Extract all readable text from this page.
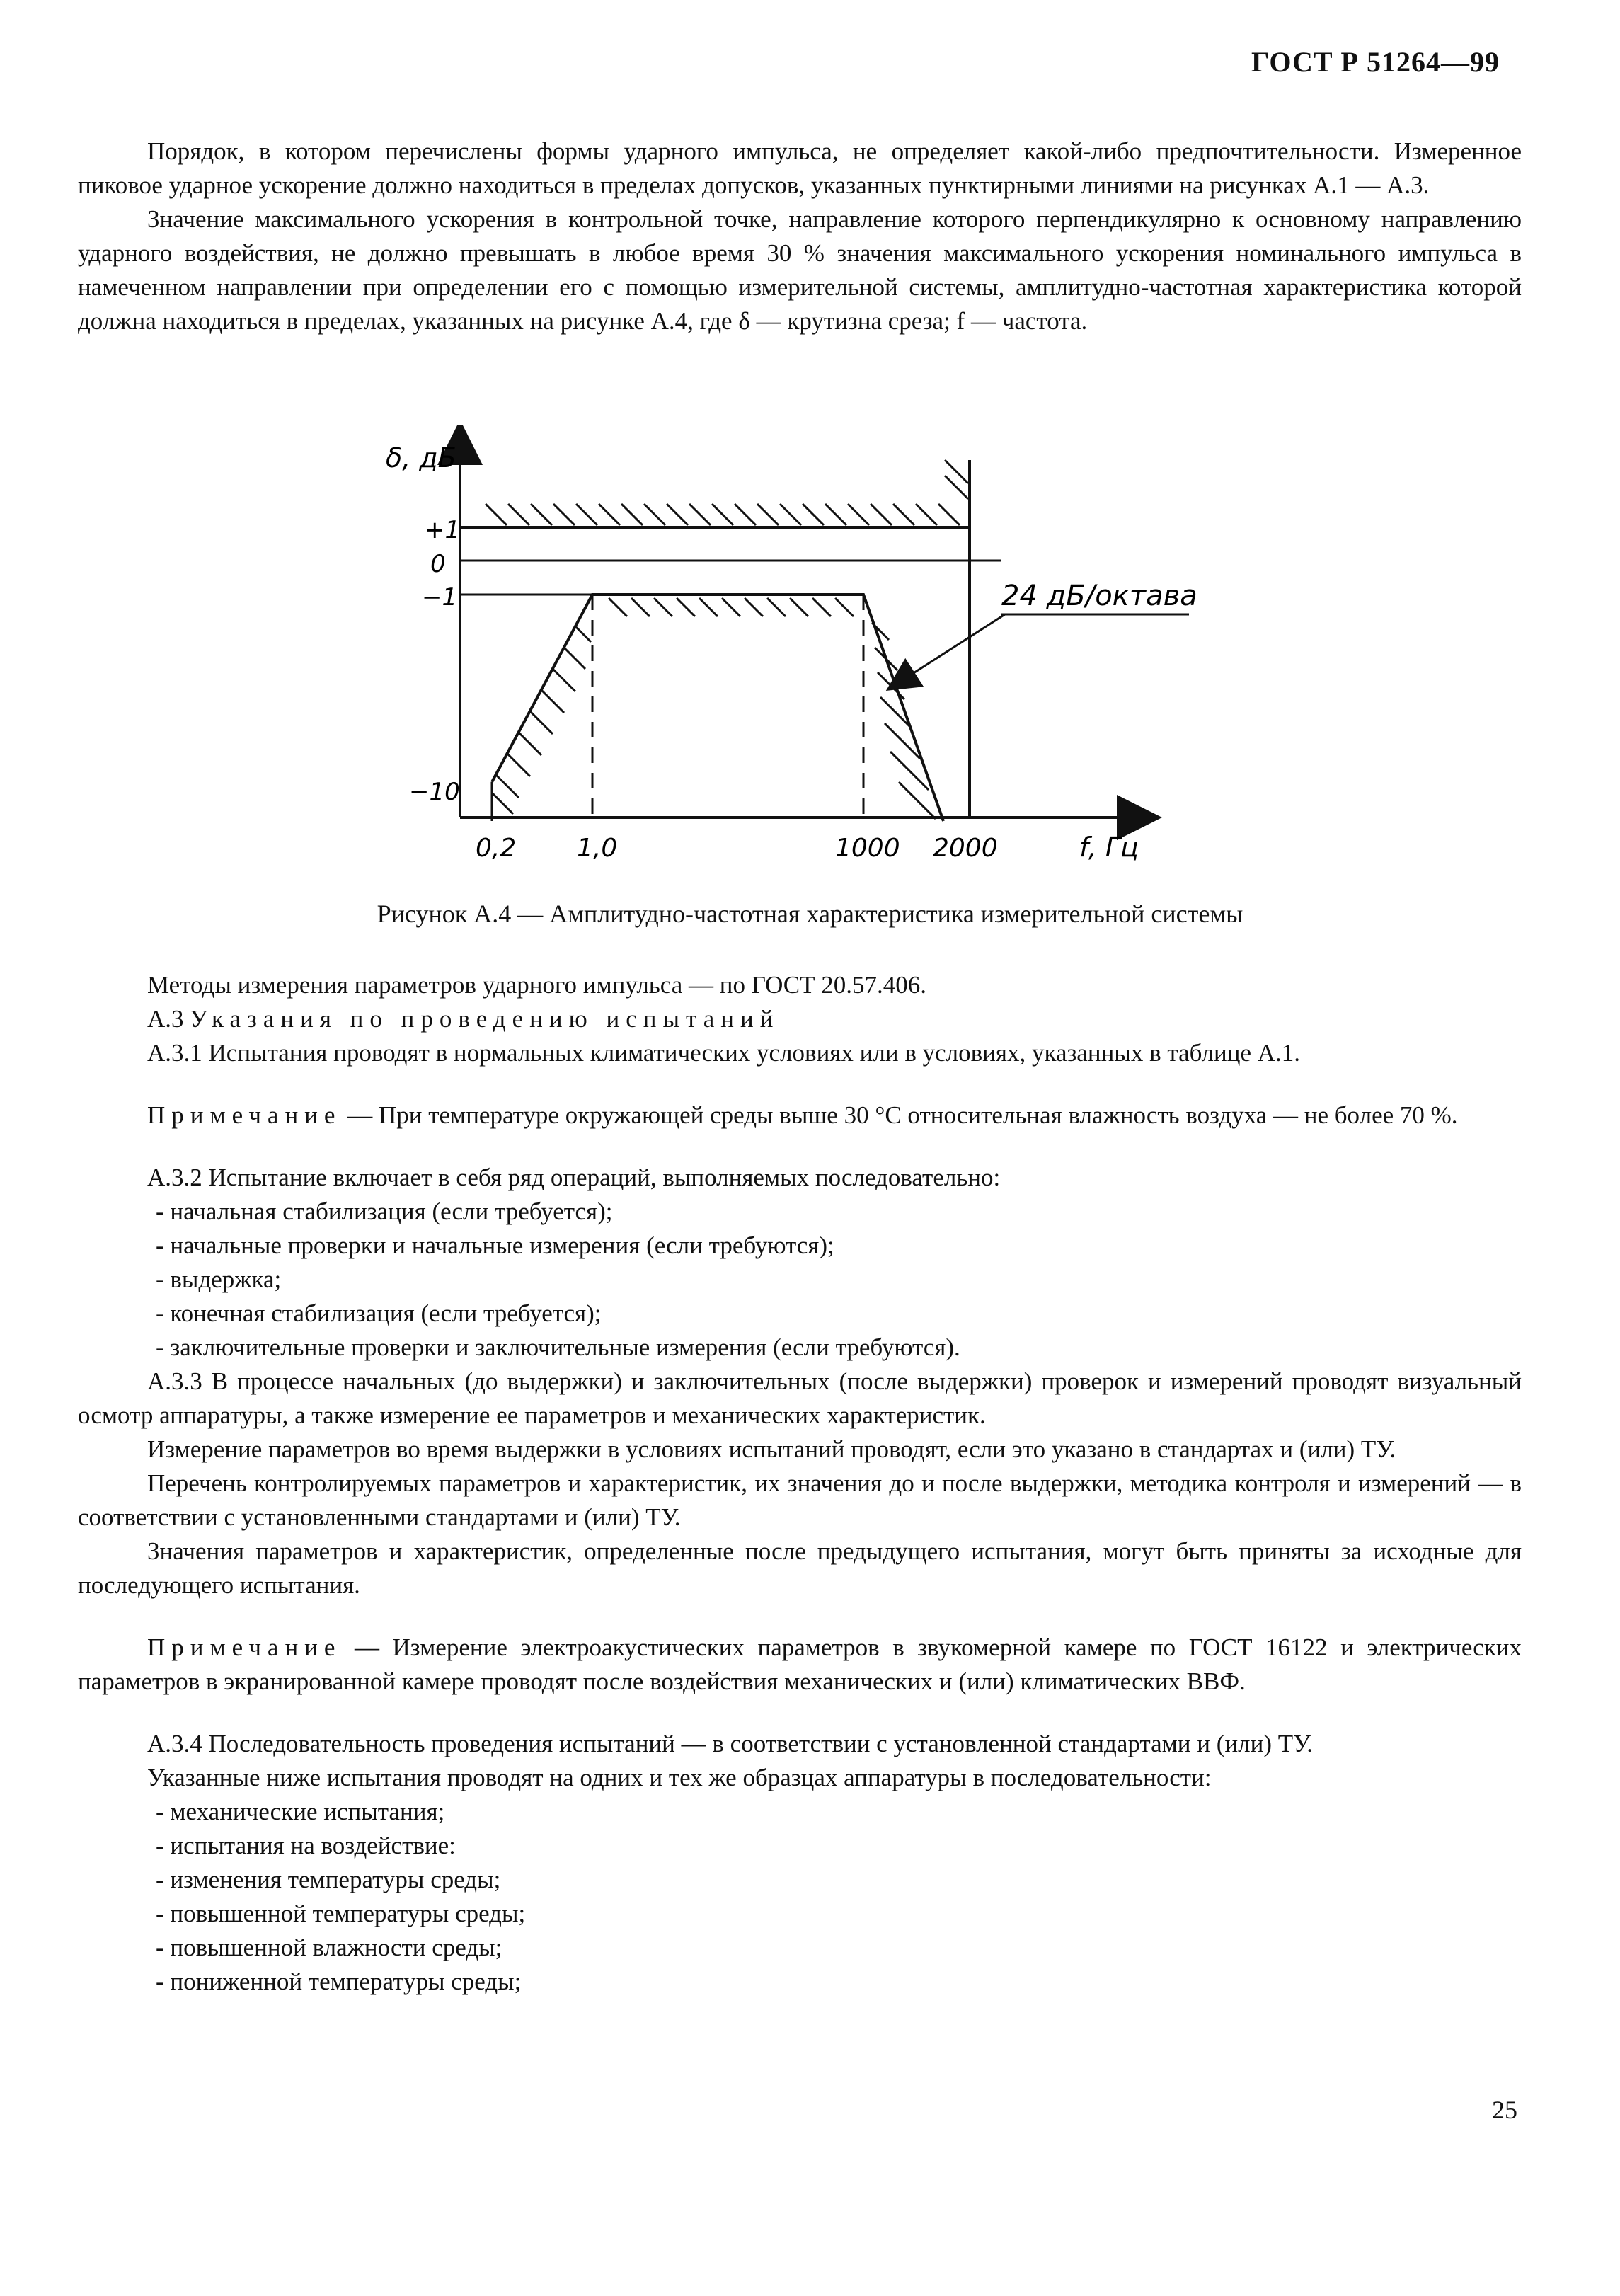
ГОСТ Р 51264—99

Порядок, в котором перечислены формы ударного импульса, не определяет какой-либо предпочтительности. Измеренное пиковое ударное ускорение должно находиться в пределах допусков, указанных пунктирными линиями на рисунках А.1 — А.3.

Значение максимального ускорения в контрольной точке, направление которого перпендикулярно к основному направлению ударного воздействия, не должно превышать в любое время 30 % значения максимального ускорения номинального импульса в намеченном направлении при определении его с помощью измерительной системы, амплитудно-частотная характеристика которой должна находиться в пределах, указанных на рисунке А.4, где δ — крутизна среза; f — частота.

δ, дБ
+1
0
−1
−10
0,2 1,0	1000 2000	f, Гц
24 дБ/октава
Рисунок А.4 — Амплитудно-частотная характеристика измерительной системы

Методы измерения параметров ударного импульса — по ГОСТ 20.57.406.

А.3 Указания по проведению испытаний

А.3.1 Испытания проводят в нормальных климатических условиях или в условиях, указанных в таблице А.1.

Примечание — При температуре окружающей среды выше 30 °С относительная влажность воздуха — не более 70 %.

А.3.2 Испытание включает в себя ряд операций, выполняемых последовательно:

- начальная стабилизация (если требуется);

- начальные проверки и начальные измерения (если требуются);

- выдержка;

- конечная стабилизация (если требуется);

- заключительные проверки и заключительные измерения (если требуются).

А.3.3 В процессе начальных (до выдержки) и заключительных (после выдержки) проверок и измерений проводят визуальный осмотр аппаратуры, а также измерение ее параметров и механических характеристик.

Измерение параметров во время выдержки в условиях испытаний проводят, если это указано в стандартах и (или) ТУ.

Перечень контролируемых параметров и характеристик, их значения до и после выдержки, методика контроля и измерений — в соответствии с установленными стандартами и (или) ТУ.

Значения параметров и характеристик, определенные после предыдущего испытания, могут быть приняты за исходные для последующего испытания.

Примечание — Измерение электроакустических параметров в звукомерной камере по ГОСТ 16122 и электрических параметров в экранированной камере проводят после воздействия механических и (или) климатических ВВФ.

А.3.4 Последовательность проведения испытаний — в соответствии с установленной стандартами и (или) ТУ.

Указанные ниже испытания проводят на одних и тех же образцах аппаратуры в последовательности:

- механические испытания;

- испытания на воздействие:

- изменения температуры среды;

- повышенной температуры среды;

- повышенной влажности среды;

- пониженной температуры среды;

25
